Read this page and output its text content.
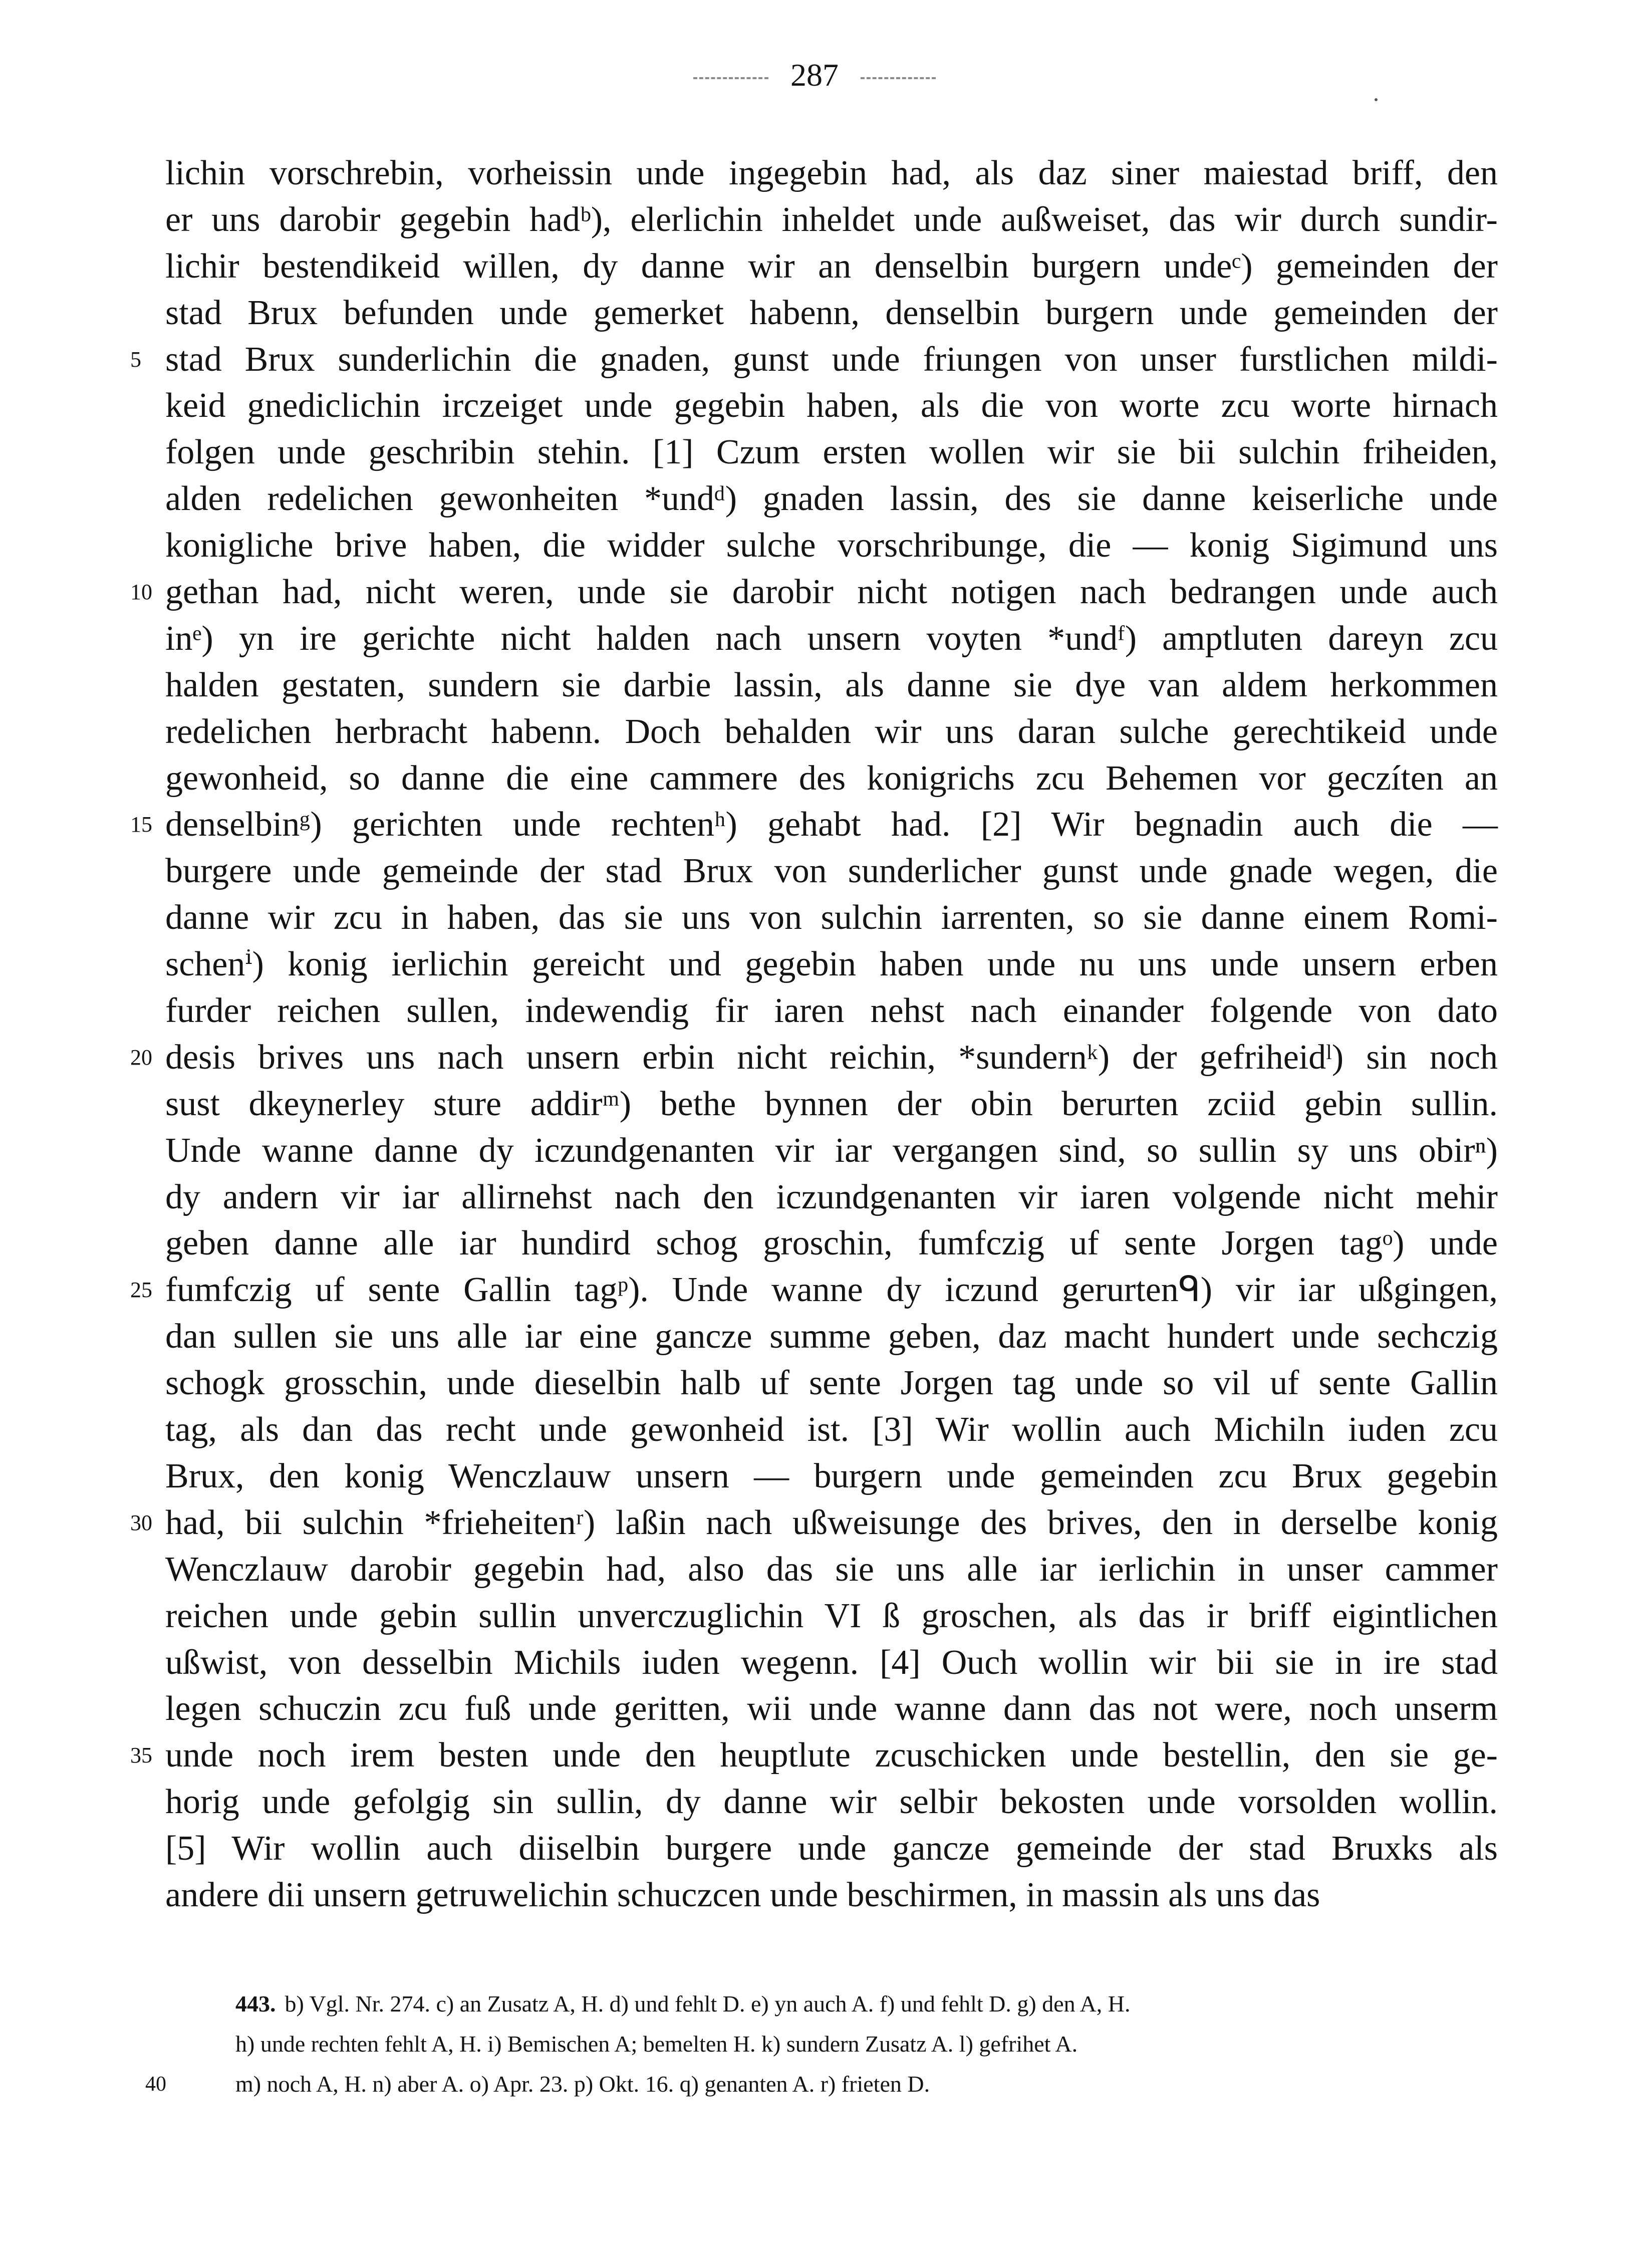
287
lichin vorschrebin, vorheissin unde ingegebin had, als daz siner maiestad briff, den
er uns darobir gegebin hadᵇ), elerlichin inheldet unde außweiset, das wir durch sundir-
lichir bestendikeid willen, dy danne wir an denselbin burgern undeᶜ) gemeinden der
stad Brux befunden unde gemerket habenn, denselbin burgern unde gemeinden der
5 stad Brux sunderlichin die gnaden, gunst unde friungen von unser furstlichen mildi-
keid gnediclichin irczeiget unde gegebin haben, als die von worte zcu worte hirnach
folgen unde geschribin stehin. [1] Czum ersten wollen wir sie bii sulchin friheiden,
alden redelichen gewonheiten *undᵈ) gnaden lassin, des sie danne keiserliche unde
konigliche brive haben, die widder sulche vorschribunge, die — konig Sigimund uns
10 gethan had, nicht weren, unde sie darobir nicht notigen nach bedrangen unde auch
inᵉ) yn ire gerichte nicht halden nach unsern voyten *undᶠ) amptluten dareyn zcu
halden gestaten, sundern sie darbie lassin, als danne sie dye van aldem herkommen
redelichen herbracht habenn. Doch behalden wir uns daran sulche gerechtikeid unde
gewonheid, so danne die eine cammere des konigrichs zcu Behemen vor geczíten an
15 denselbinᵍ) gerichten unde rechtenʰ) gehabt had. [2] Wir begnadin auch die —
burgere unde gemeinde der stad Brux von sunderlicher gunst unde gnade wegen, die
danne wir zcu in haben, das sie uns von sulchin iarrenten, so sie danne einem Romi-
schenⁱ) konig ierlichin gereicht und gegebin haben unde nu uns unde unsern erben
furder reichen sullen, indewendig fir iaren nehst nach einander folgende von dato
20 desis brives uns nach unsern erbin nicht reichin, *sundernᵏ) der gefriheidˡ) sin noch
sust dkeynerley sture addirᵐ) bethe bynnen der obin berurten zciid gebin sullin.
Unde wanne danne dy iczundgenanten vir iar vergangen sind, so sullin sy uns obirⁿ)
dy andern vir iar allirnehst nach den iczundgenanten vir iaren volgende nicht mehir
geben danne alle iar hundird schog groschin, fumfczig uf sente Jorgen tagᵒ) unde
25 fumfczig uf sente Gallin tagᵖ). Unde wanne dy iczund gerurtenᑫ) vir iar ußgingen,
dan sullen sie uns alle iar eine gancze summe geben, daz macht hundert unde sechczig
schogk grosschin, unde dieselbin halb uf sente Jorgen tag unde so vil uf sente Gallin
tag, als dan das recht unde gewonheid ist. [3] Wir wollin auch Michiln iuden zcu
Brux, den konig Wenczlauw unsern — burgern unde gemeinden zcu Brux gegebin
30 had, bii sulchin *frieheitenʳ) laßin nach ußweisunge des brives, den in derselbe konig
Wenczlauw darobir gegebin had, also das sie uns alle iar ierlichin in unser cammer
reichen unde gebin sullin unverczuglichin VI ß groschen, als das ir briff eigintlichen
ußwist, von desselbin Michils iuden wegenn. [4] Ouch wollin wir bii sie in ire stad
legen schuczin zcu fuß unde geritten, wii unde wanne dann das not were, noch unserm
35 unde noch irem besten unde den heuptlute zcuschicken unde bestellin, den sie ge-
horig unde gefolgig sin sullin, dy danne wir selbir bekosten unde vorsolden wollin.
[5] Wir wollin auch diiselbin burgere unde gancze gemeinde der stad Bruxks als
andere dii unsern getruwelichin schuczcen unde beschirmen, in massin als uns das
443. b) Vgl. Nr. 274. c) an Zusatz A, H. d) und fehlt D. e) yn auch A. f) und fehlt D. g) den A, H.
h) unde rechten fehlt A, H. i) Bemischen A; bemelten H. k) sundern Zusatz A. l) gefrihet A.
40	m) noch A, H. n) aber A. o) Apr. 23. p) Okt. 16. q) genanten A. r) frieten D.
